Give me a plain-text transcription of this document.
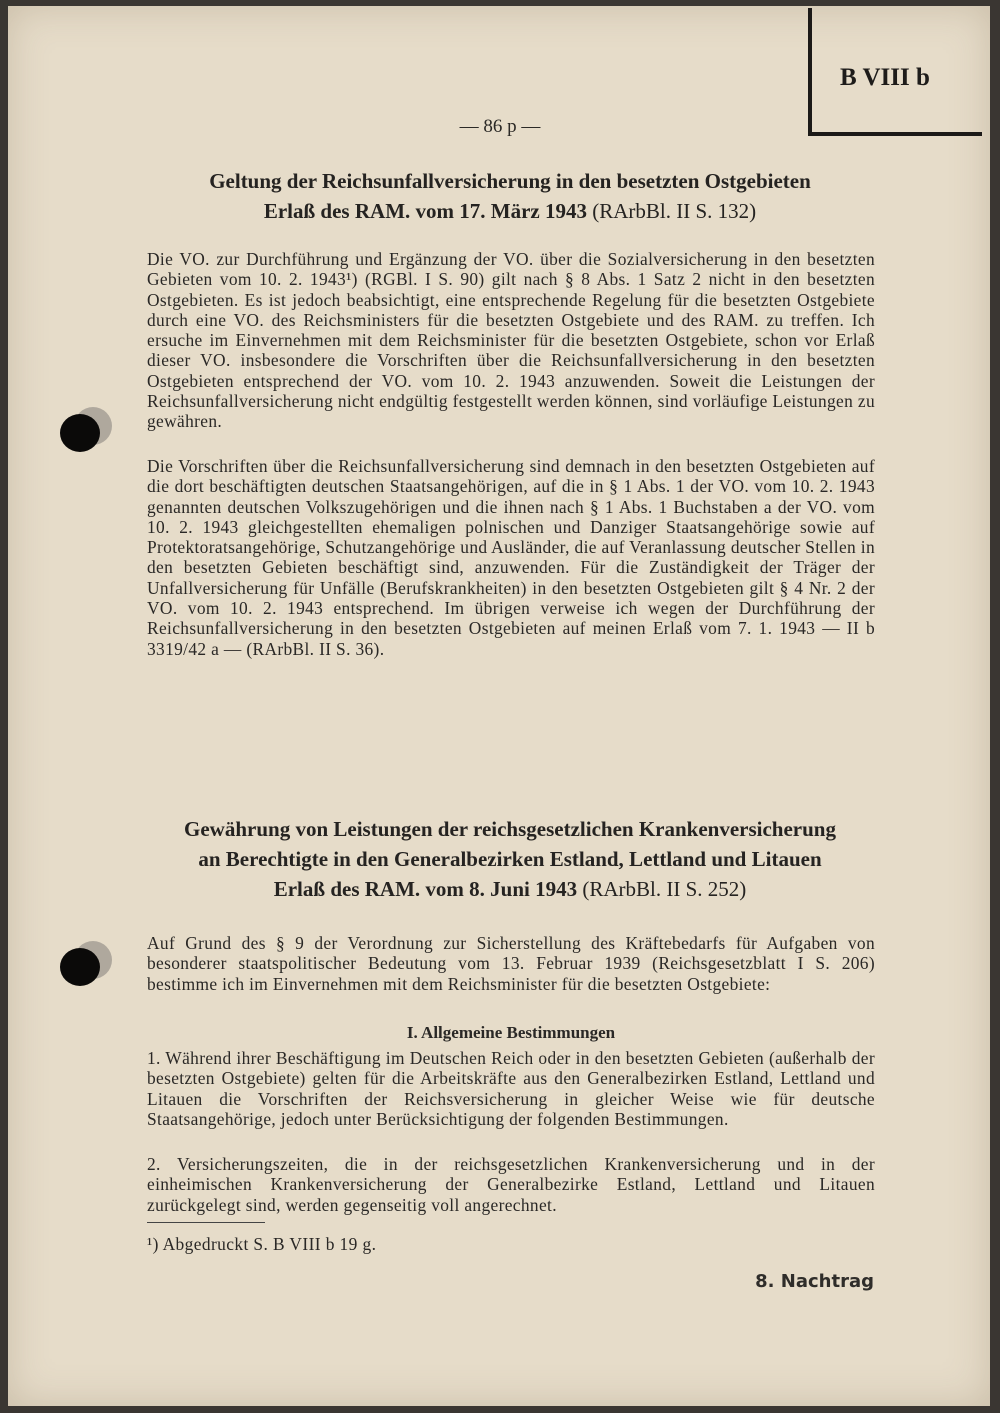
B VIII b
— 86 p —

Geltung der Reichsunfallversicherung in den besetzten Ostgebieten
Erlaß des RAM. vom 17. März 1943 (RArbBl. II S. 132)

Die VO. zur Durchführung und Ergänzung der VO. über die Sozialversicherung in den besetzten Gebieten vom 10. 2. 1943¹) (RGBl. I S. 90) gilt nach § 8 Abs. 1 Satz 2 nicht in den besetzten Ostgebieten. Es ist jedoch beabsichtigt, eine entsprechende Regelung für die besetzten Ostgebiete durch eine VO. des Reichsministers für die besetzten Ostgebiete und des RAM. zu treffen. Ich ersuche im Einvernehmen mit dem Reichsminister für die besetzten Ostgebiete, schon vor Erlaß dieser VO. insbesondere die Vorschriften über die Reichsunfallversicherung in den besetzten Ostgebieten entsprechend der VO. vom 10. 2. 1943 anzuwenden. Soweit die Leistungen der Reichsunfallversicherung nicht endgültig festgestellt werden können, sind vorläufige Leistungen zu gewähren.

Die Vorschriften über die Reichsunfallversicherung sind demnach in den besetzten Ostgebieten auf die dort beschäftigten deutschen Staatsangehörigen, auf die in § 1 Abs. 1 der VO. vom 10. 2. 1943 genannten deutschen Volkszugehörigen und die ihnen nach § 1 Abs. 1 Buchstaben a der VO. vom 10. 2. 1943 gleichgestellten ehemaligen polnischen und Danziger Staatsangehörige sowie auf Protektoratsangehörige, Schutzangehörige und Ausländer, die auf Veranlassung deutscher Stellen in den besetzten Gebieten beschäftigt sind, anzuwenden. Für die Zuständigkeit der Träger der Unfallversicherung für Unfälle (Berufskrankheiten) in den besetzten Ostgebieten gilt § 4 Nr. 2 der VO. vom 10. 2. 1943 entsprechend. Im übrigen verweise ich wegen der Durchführung der Reichsunfallversicherung in den besetzten Ostgebieten auf meinen Erlaß vom 7. 1. 1943 — II b 3319/42 a — (RArbBl. II S. 36).

Gewährung von Leistungen der reichsgesetzlichen Krankenversicherung
an Berechtigte in den Generalbezirken Estland, Lettland und Litauen
Erlaß des RAM. vom 8. Juni 1943 (RArbBl. II S. 252)

Auf Grund des § 9 der Verordnung zur Sicherstellung des Kräftebedarfs für Aufgaben von besonderer staatspolitischer Bedeutung vom 13. Februar 1939 (Reichsgesetzblatt I S. 206) bestimme ich im Einvernehmen mit dem Reichsminister für die besetzten Ostgebiete:

I. Allgemeine Bestimmungen

1. Während ihrer Beschäftigung im Deutschen Reich oder in den besetzten Gebieten (außerhalb der besetzten Ostgebiete) gelten für die Arbeitskräfte aus den Generalbezirken Estland, Lettland und Litauen die Vorschriften der Reichsversicherung in gleicher Weise wie für deutsche Staatsangehörige, jedoch unter Berücksichtigung der folgenden Bestimmungen.

2. Versicherungszeiten, die in der reichsgesetzlichen Krankenversicherung und in der einheimischen Krankenversicherung der Generalbezirke Estland, Lettland und Litauen zurückgelegt sind, werden gegenseitig voll angerechnet.

¹) Abgedruckt S. B VIII b 19 g.

8. Nachtrag
